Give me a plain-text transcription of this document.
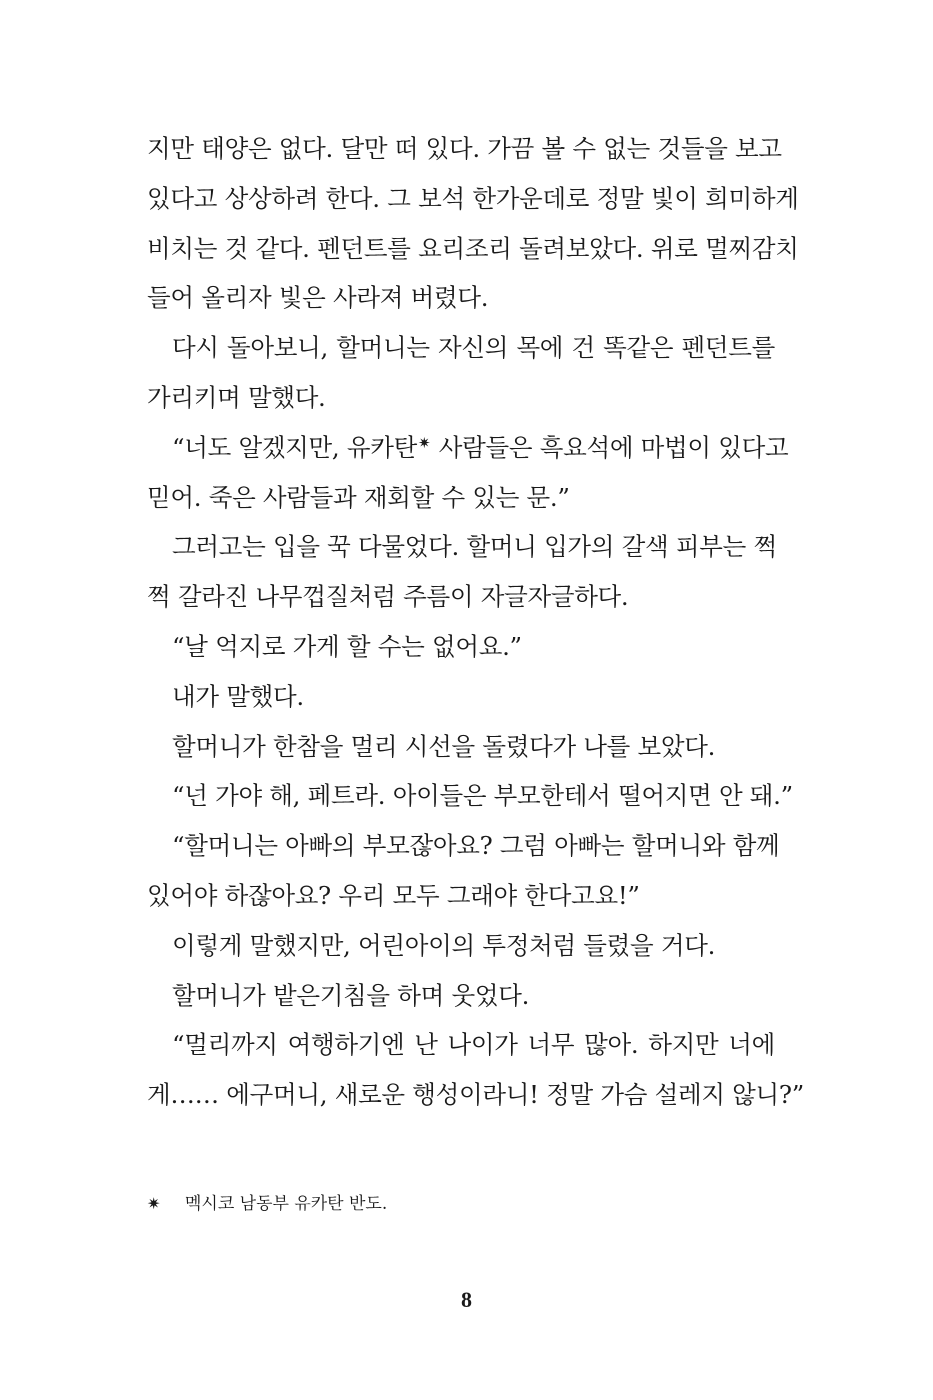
지만 태양은 없다. 달만 떠 있다. 가끔 볼 수 없는 것들을 보고
있다고 상상하려 한다. 그 보석 한가운데로 정말 빛이 희미하게
비치는 것 같다. 펜던트를 요리조리 돌려보았다. 위로 멀찌감치
들어 올리자 빛은 사라져 버렸다.
다시 돌아보니, 할머니는 자신의 목에 건 똑같은 펜던트를
가리키며 말했다.
“너도 알겠지만, 유카탄✷ 사람들은 흑요석에 마법이 있다고
믿어. 죽은 사람들과 재회할 수 있는 문.”
그러고는 입을 꾹 다물었다. 할머니 입가의 갈색 피부는 쩍
쩍 갈라진 나무껍질처럼 주름이 자글자글하다.
“날 억지로 가게 할 수는 없어요.”
내가 말했다.
할머니가 한참을 멀리 시선을 돌렸다가 나를 보았다.
“넌 가야 해, 페트라. 아이들은 부모한테서 떨어지면 안 돼.”
“할머니는 아빠의 부모잖아요? 그럼 아빠는 할머니와 함께
있어야 하잖아요? 우리 모두 그래야 한다고요!”
이렇게 말했지만, 어린아이의 투정처럼 들렸을 거다.
할머니가 밭은기침을 하며 웃었다.
“멀리까지 여행하기엔 난 나이가 너무 많아. 하지만 너에
게…… 에구머니, 새로운 행성이라니! 정말 가슴 설레지 않니?”
✷ 멕시코 남동부 유카탄 반도.
8
